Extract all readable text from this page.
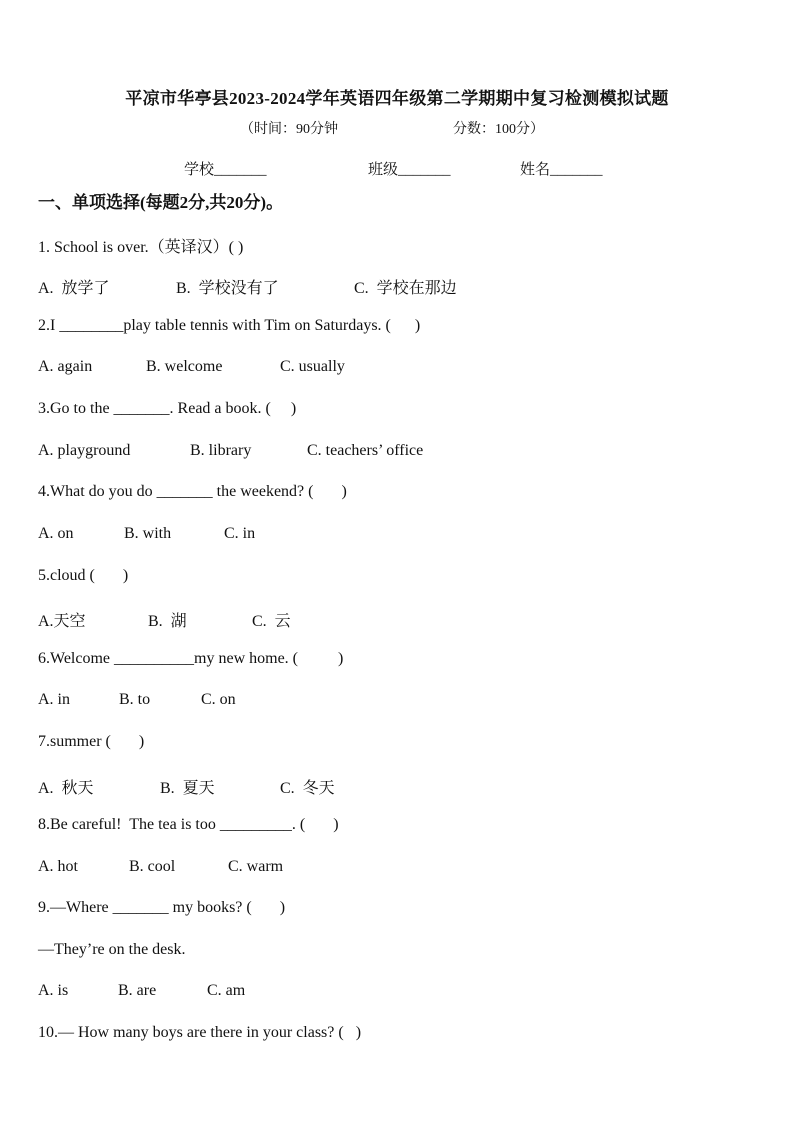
平凉市华亭县2023-2024学年英语四年级第二学期期中复习检测模拟试题
（时间：90分钟	分数：100分）
学校_______	班级_______	姓名_______
一、单项选择(每题2分,共20分)。
1. School is over.（英译汉）( )
A.  放学了	B.  学校没有了	C.  学校在那边
2.I ________play table tennis with Tim on Saturdays. (      )
A. again	B. welcome	C. usually
3.Go to the _______. Read a book. (     )
A. playground	B. library	C. teachers’ office
4.What do you do _______ the weekend? (       )
A. on	B. with	C. in
5.cloud (       )
A.天空	B.  湖	C.  云
6.Welcome __________my new home. (          )
A. in	B. to	C. on
7.summer (       )
A.  秋天	B.  夏天	C.  冬天
8.Be careful!  The tea is too _________. (       )
A. hot	B. cool	C. warm
9.—Where _______ my books? (       )
—They’re on the desk.
A. is	B. are	C. am
10.— How many boys are there in your class? (   )
